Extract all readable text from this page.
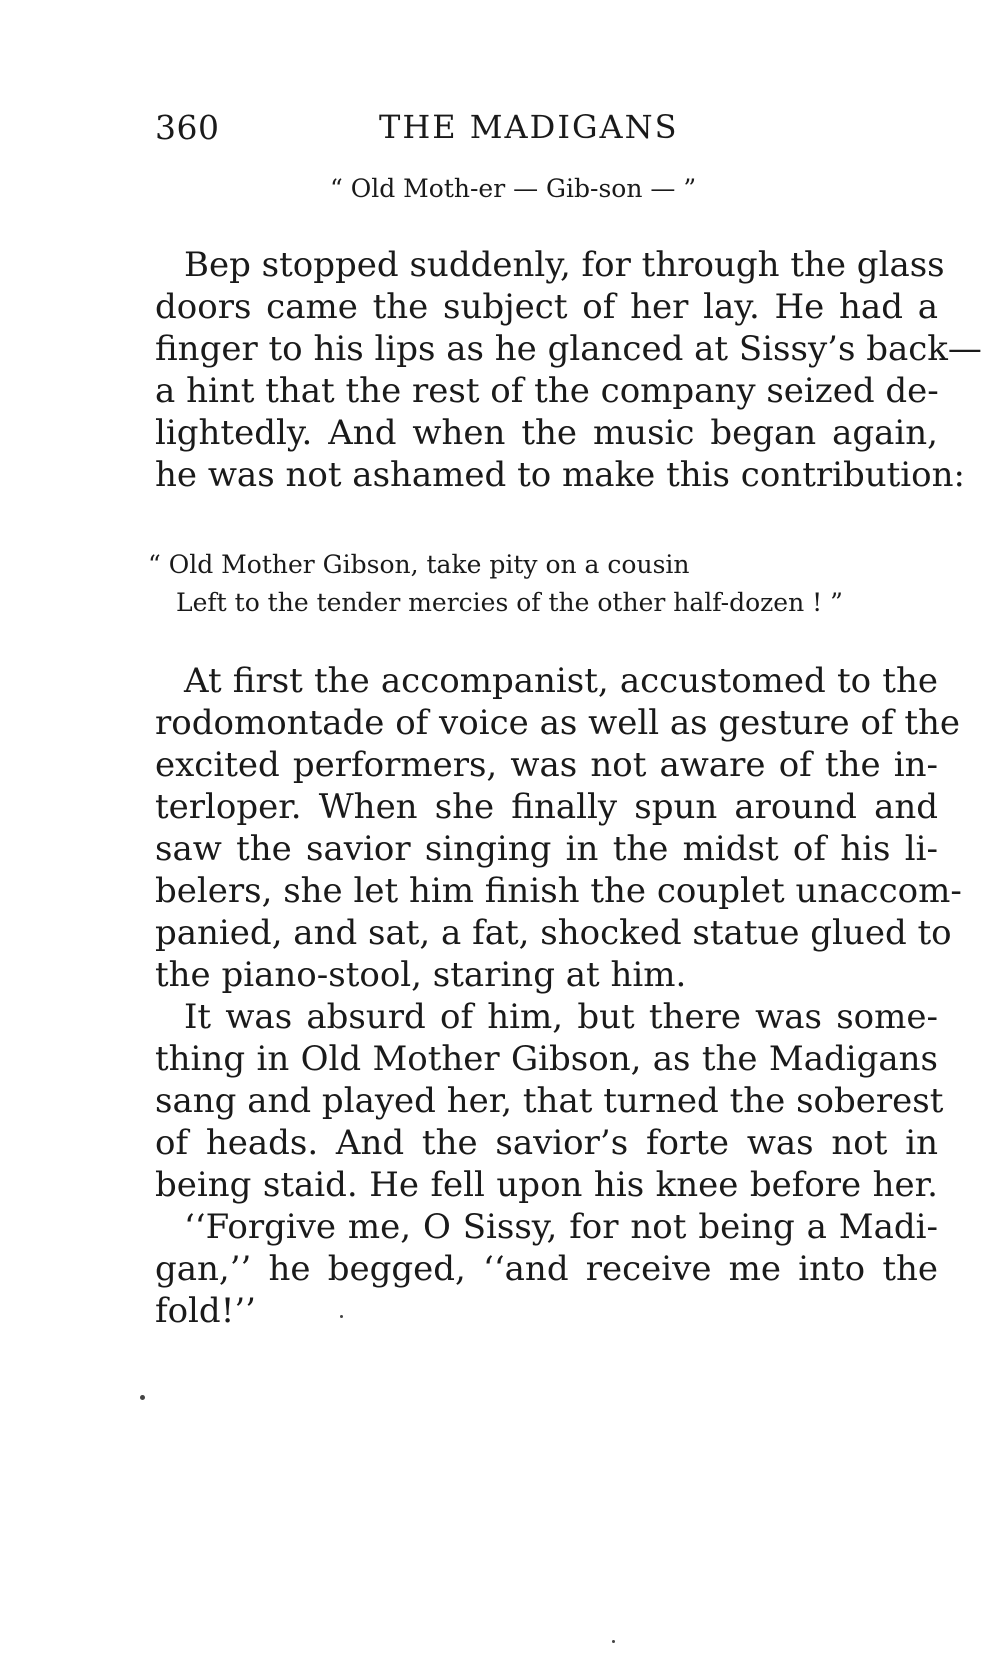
360	THE MADIGANS
“ Old Moth-er — Gib-son — ”
Bep stopped suddenly, for through the glass
doors came the subject of her lay. He had a
finger to his lips as he glanced at Sissy’s back—
a hint that the rest of the company seized de-
lightedly. And when the music began again,
he was not ashamed to make this contribution:
“ Old Mother Gibson, take pity on a cousin
Left to the tender mercies of the other half-dozen ! ”
At first the accompanist, accustomed to the
rodomontade of voice as well as gesture of the
excited performers, was not aware of the in-
terloper. When she finally spun around and
saw the savior singing in the midst of his li-
belers, she let him finish the couplet unaccom-
panied, and sat, a fat, shocked statue glued to
the piano-stool, staring at him.
It was absurd of him, but there was some-
thing in Old Mother Gibson, as the Madigans
sang and played her, that turned the soberest
of heads. And the savior’s forte was not in
being staid. He fell upon his knee before her.
‘‘Forgive me, O Sissy, for not being a Madi-
gan,’’ he begged, ‘‘and receive me into the
fold!’’
